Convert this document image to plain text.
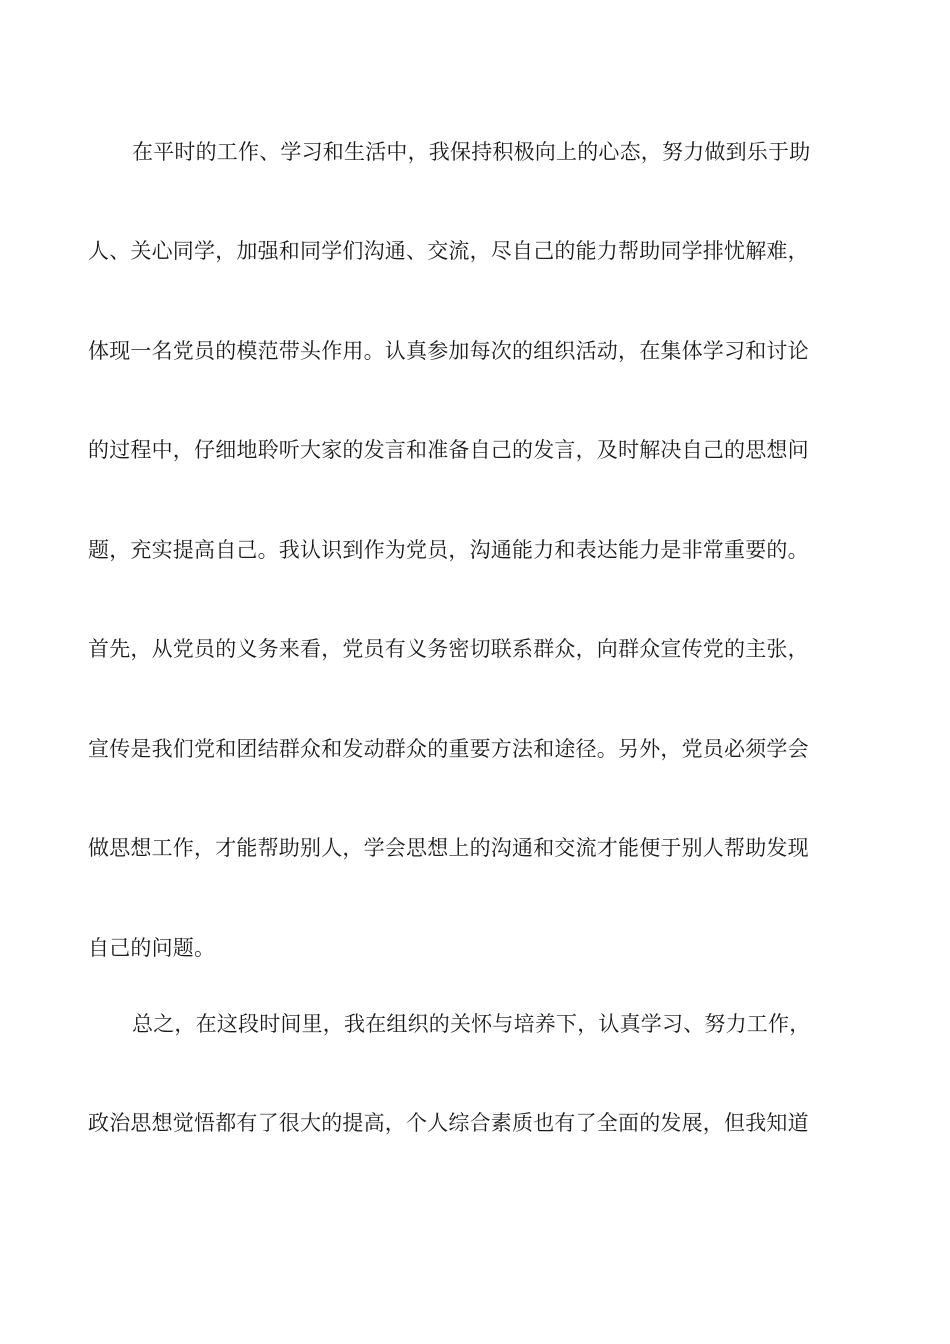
在平时的工作、学习和生活中，我保持积极向上的心态，努力做到乐于助
人、关心同学，加强和同学们沟通、交流，尽自己的能力帮助同学排忧解难，
体现一名党员的模范带头作用。认真参加每次的组织活动，在集体学习和讨论
的过程中，仔细地聆听大家的发言和准备自己的发言，及时解决自己的思想问
题，充实提高自己。我认识到作为党员，沟通能力和表达能力是非常重要的。
首先，从党员的义务来看，党员有义务密切联系群众，向群众宣传党的主张，
宣传是我们党和团结群众和发动群众的重要方法和途径。另外，党员必须学会
做思想工作，才能帮助别人，学会思想上的沟通和交流才能便于别人帮助发现
自己的问题。
总之，在这段时间里，我在组织的关怀与培养下，认真学习、努力工作，
政治思想觉悟都有了很大的提高，个人综合素质也有了全面的发展，但我知道
